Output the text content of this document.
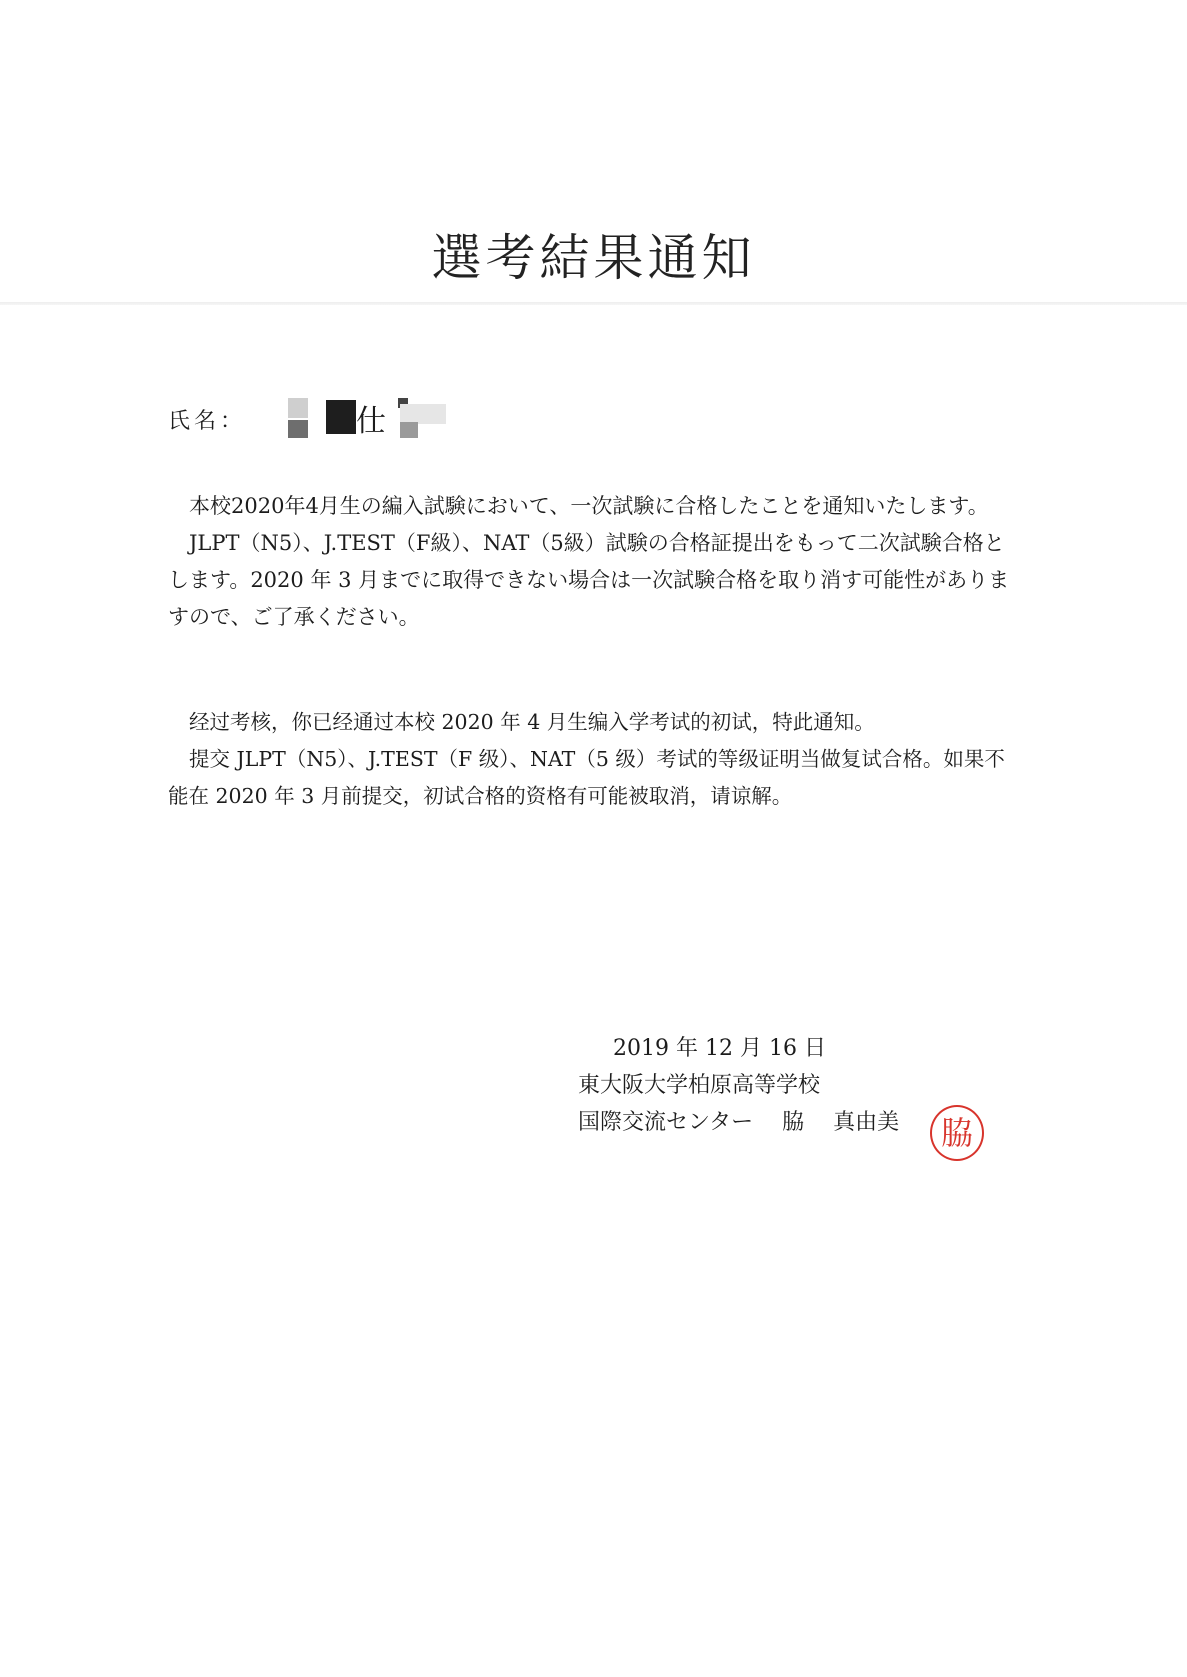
選考結果通知
氏名：	仕

本校2020年4月生の編入試験において、一次試験に合格したことを通知いたします。

JLPT（N5）、J.TEST（F級）、NAT（5級）試験の合格証提出をもって二次試験合格とします。2020 年 3 月までに取得できない場合は一次試験合格を取り消す可能性がありますので、ご了承ください。

经过考核，你已经通过本校 2020 年 4 月生编入学考试的初试，特此通知。

提交 JLPT（N5）、J.TEST（F 级）、NAT（5 级）考试的等级证明当做复试合格。如果不能在 2020 年 3 月前提交，初试合格的资格有可能被取消，请谅解。

2019 年 12 月 16 日
東大阪大学柏原高等学校
国際交流センター　 脇　 真由美 脇
